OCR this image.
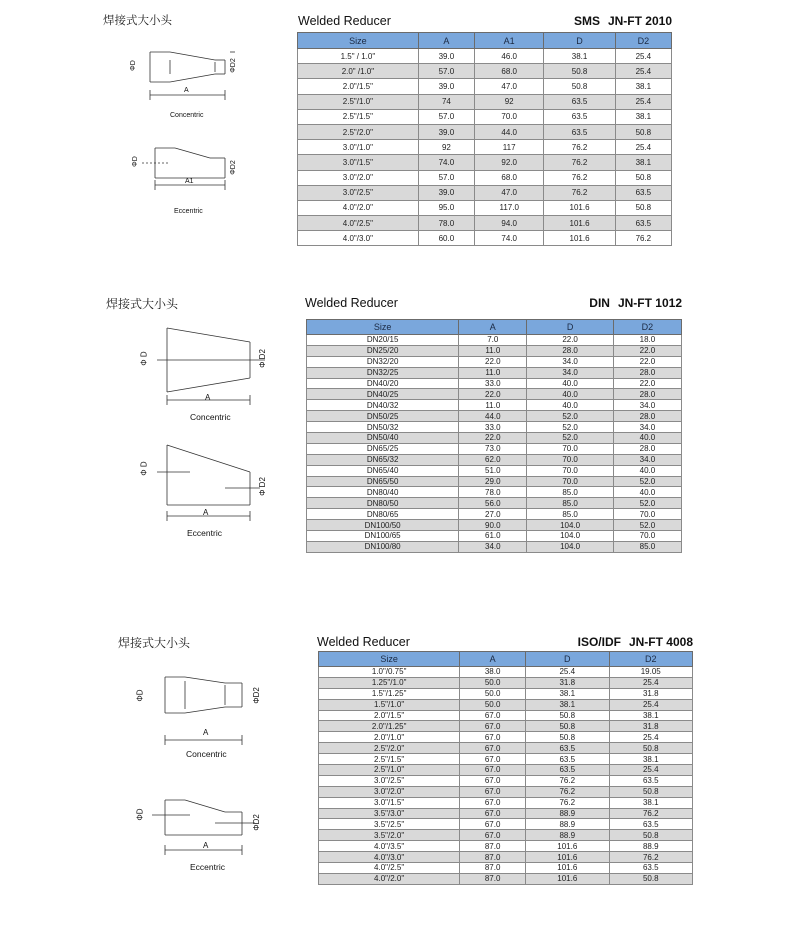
焊接式大小头
ΦD	ΦD2
A
Concentric
ΦD	ΦD2
A1
Eccentric
Welded Reducer	SMS JN-FT 2010
Size	A	A1	D	D2
1.5" / 1.0"	39.0	46.0	38.1	25.4
2.0" /1.0"	57.0	68.0	50.8	25.4
2.0"/1.5"	39.0	47.0	50.8	38.1
2.5"/1.0"	74	92	63.5	25.4
2.5"/1.5"	57.0	70.0	63.5	38.1
2.5"/2.0"	39.0	44.0	63.5	50.8
3.0"/1.0"	92	117	76.2	25.4
3.0"/1.5"	74.0	92.0	76.2	38.1
3.0"/2.0"	57.0	68.0	76.2	50.8
3.0"/2.5"	39.0	47.0	76.2	63.5
4.0"/2.0"	95.0	117.0	101.6	50.8
4.0"/2.5"	78.0	94.0	101.6	63.5
4.0"/3.0"	60.0	74.0	101.6	76.2
焊接式大小头
Φ D	Φ D2
A
Concentric
Φ D
Φ D2
A
Eccentric
Welded Reducer	DIN JN-FT 1012
Size	A	D	D2
DN20/15	7.0	22.0	18.0
DN25/20	11.0	28.0	22.0
DN32/20	22.0	34.0	22.0
DN32/25	11.0	34.0	28.0
DN40/20	33.0	40.0	22.0
DN40/25	22.0	40.0	28.0
DN40/32	11.0	40.0	34.0
DN50/25	44.0	52.0	28.0
DN50/32	33.0	52.0	34.0
DN50/40	22.0	52.0	40.0
DN65/25	73.0	70.0	28.0
DN65/32	62.0	70.0	34.0
DN65/40	51.0	70.0	40.0
DN65/50	29.0	70.0	52.0
DN80/40	78.0	85.0	40.0
DN80/50	56.0	85.0	52.0
DN80/65	27.0	85.0	70.0
DN100/50	90.0	104.0	52.0
DN100/65	61.0	104.0	70.0
DN100/80	34.0	104.0	85.0
焊接式大小头
ΦD	ΦD2
A
Concentric
ΦD	ΦD2
A
Eccentric
Welded Reducer	ISO/IDF JN-FT 4008
Size	A	D	D2
1.0"/0.75"	38.0	25.4	19.05
1.25"/1.0"	50.0	31.8	25.4
1.5"/1.25"	50.0	38.1	31.8
1.5"/1.0"	50.0	38.1	25.4
2.0"/1.5"	67.0	50.8	38.1
2.0"/1.25"	67.0	50.8	31.8
2.0"/1.0"	67.0	50.8	25.4
2.5"/2.0"	67.0	63.5	50.8
2.5"/1.5"	67.0	63.5	38.1
2.5"/1.0"	67.0	63.5	25.4
3.0"/2.5"	67.0	76.2	63.5
3.0"/2.0"	67.0	76.2	50.8
3.0"/1.5"	67.0	76.2	38.1
3.5"/3.0"	67.0	88.9	76.2
3.5"/2.5"	67.0	88.9	63.5
3.5"/2.0"	67.0	88.9	50.8
4.0"/3.5"	87.0	101.6	88.9
4.0"/3.0"	87.0	101.6	76.2
4.0"/2.5"	87.0	101.6	63.5
4.0"/2.0"	87.0	101.6	50.8
